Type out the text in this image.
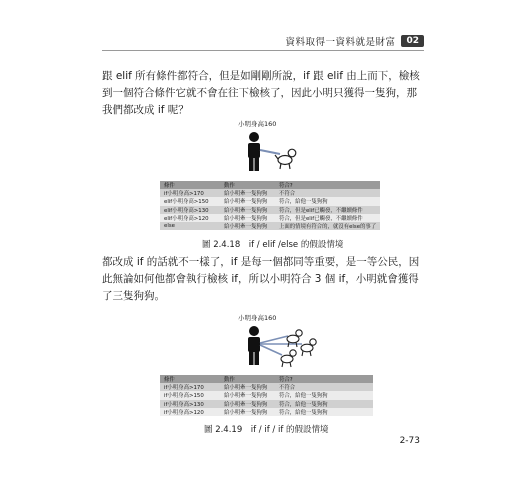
資料取得一資料就是財富	02
跟 elif 所有條件都符合，但是如剛剛所說，if 跟 elif 由上而下，檢核到一個符合條件它就不會在往下檢核了，因此小明只獲得一隻狗，那我們都改成 if 呢？
小明身高160
條件	動作	符合?
if小明身高>170	給小明牽一隻狗狗	不符合
elif小明身高>150	給小明牽一隻狗狗	符合，給他一隻狗狗
elif小明身高>130	給小明牽一隻狗狗	符合，但是elif已觸發，不繼續條件
elif小明身高>120	給小明牽一隻狗狗	符合，但是elif已觸發，不繼續條件
else	給小明牽一隻狗狗	上面的情境有符合的，就沒有else的事了
圖 2.4.18　if / elif /else 的假設情境
都改成 if 的話就不一樣了，if 是每一個都同等重要，是一等公民，因此無論如何他都會執行檢核 if，所以小明符合 3 個 if，小明就會獲得了三隻狗狗。
小明身高160
條件	動作	符合?
if小明身高>170	給小明牽一隻狗狗	不符合
if小明身高>150	給小明牽一隻狗狗	符合，給他一隻狗狗
if小明身高>130	給小明牽一隻狗狗	符合，給他一隻狗狗
if小明身高>120	給小明牽一隻狗狗	符合，給他一隻狗狗
圖 2.4.19　if / if / if 的假設情境
2-73
